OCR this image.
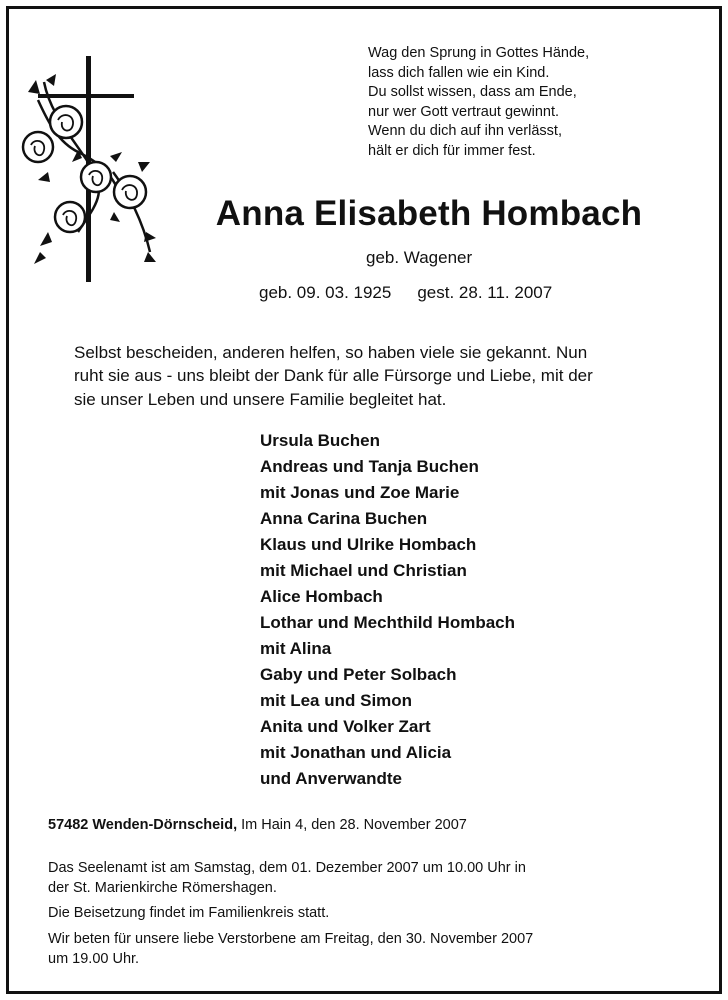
Wag den Sprung in Gottes Hände,
lass dich fallen wie ein Kind.
Du sollst wissen, dass am Ende,
nur wer Gott vertraut gewinnt.
Wenn du dich auf ihn verlässt,
hält er dich für immer fest.
Anna Elisabeth Hombach
geb. Wagener
geb. 09. 03. 1925 gest. 28. 11. 2007
Selbst bescheiden, anderen helfen, so haben viele sie gekannt. Nun
ruht sie aus - uns bleibt der Dank für alle Fürsorge und Liebe, mit der
sie unser Leben und unsere Familie begleitet hat.
Ursula Buchen
Andreas und Tanja Buchen
mit Jonas und Zoe Marie
Anna Carina Buchen
Klaus und Ulrike Hombach
mit Michael und Christian
Alice Hombach
Lothar und Mechthild Hombach
mit Alina
Gaby und Peter Solbach
mit Lea und Simon
Anita und Volker Zart
mit Jonathan und Alicia
und Anverwandte
57482 Wenden-Dörnscheid, Im Hain 4, den 28. November 2007
Das Seelenamt ist am Samstag, dem 01. Dezember 2007 um 10.00 Uhr in
der St. Marienkirche Römershagen.
Die Beisetzung findet im Familienkreis statt.
Wir beten für unsere liebe Verstorbene am Freitag, den 30. November 2007
um 19.00 Uhr.
